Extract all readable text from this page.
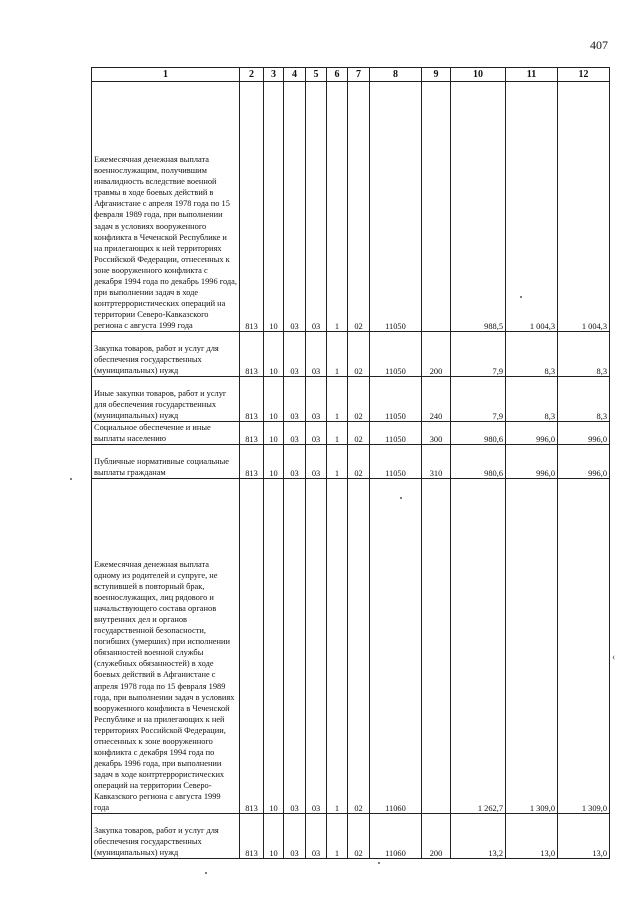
407
1	2	3	4	5	6	7	8	9	10	11	12
Ежемесячная денежная выплата военнослужащим, получившим инвалидность вследствие военной травмы в ходе боевых действий в Афганистане с апреля 1978 года по 15 февраля 1989 года, при выполнении задач в условиях вооруженного конфликта в Чеченской Республике и на прилегающих к ней территориях Российской Федерации, отнесенных к зоне вооруженного конфликта с декабря 1994 года по декабрь 1996 года, при выполнении задач в ходе контртеррористических операций на территории Северо-Кавказского региона с августа 1999 года	813	10	03	03	1	02	11050		988,5	1 004,3	1 004,3
Закупка товаров, работ и услуг для обеспечения государственных (муниципальных) нужд	813	10	03	03	1	02	11050	200	7,9	8,3	8,3
Иные закупки товаров, работ и услуг для обеспечения государственных (муниципальных) нужд	813	10	03	03	1	02	11050	240	7,9	8,3	8,3
Социальное обеспечение и иные выплаты населению	813	10	03	03	1	02	11050	300	980,6	996,0	996,0
Публичные нормативные социальные выплаты гражданам	813	10	03	03	1	02	11050	310	980,6	996,0	996,0
Ежемесячная денежная выплата одному из родителей и супруге, не вступившей в повторный брак, военнослужащих, лиц рядового и начальствующего состава органов внутренних дел и органов государственной безопасности, погибших (умерших) при исполнении обязанностей военной службы (служебных обязанностей) в ходе боевых действий в Афганистане с апреля 1978 года по 15 февраля 1989 года, при выполнении задач в условиях вооруженного конфликта в Чеченской Республике и на прилегающих к ней территориях Российской Федерации, отнесенных к зоне вооруженного конфликта с декабря 1994 года по декабрь 1996 года, при выполнении задач в ходе контртеррористических операций на территории Северо-Кавказского региона с августа 1999 года	813	10	03	03	1	02	11060		1 262,7	1 309,0	1 309,0
Закупка товаров, работ и услуг для обеспечения государственных (муниципальных) нужд	813	10	03	03	1	02	11060	200	13,2	13,0	13,0
‹
